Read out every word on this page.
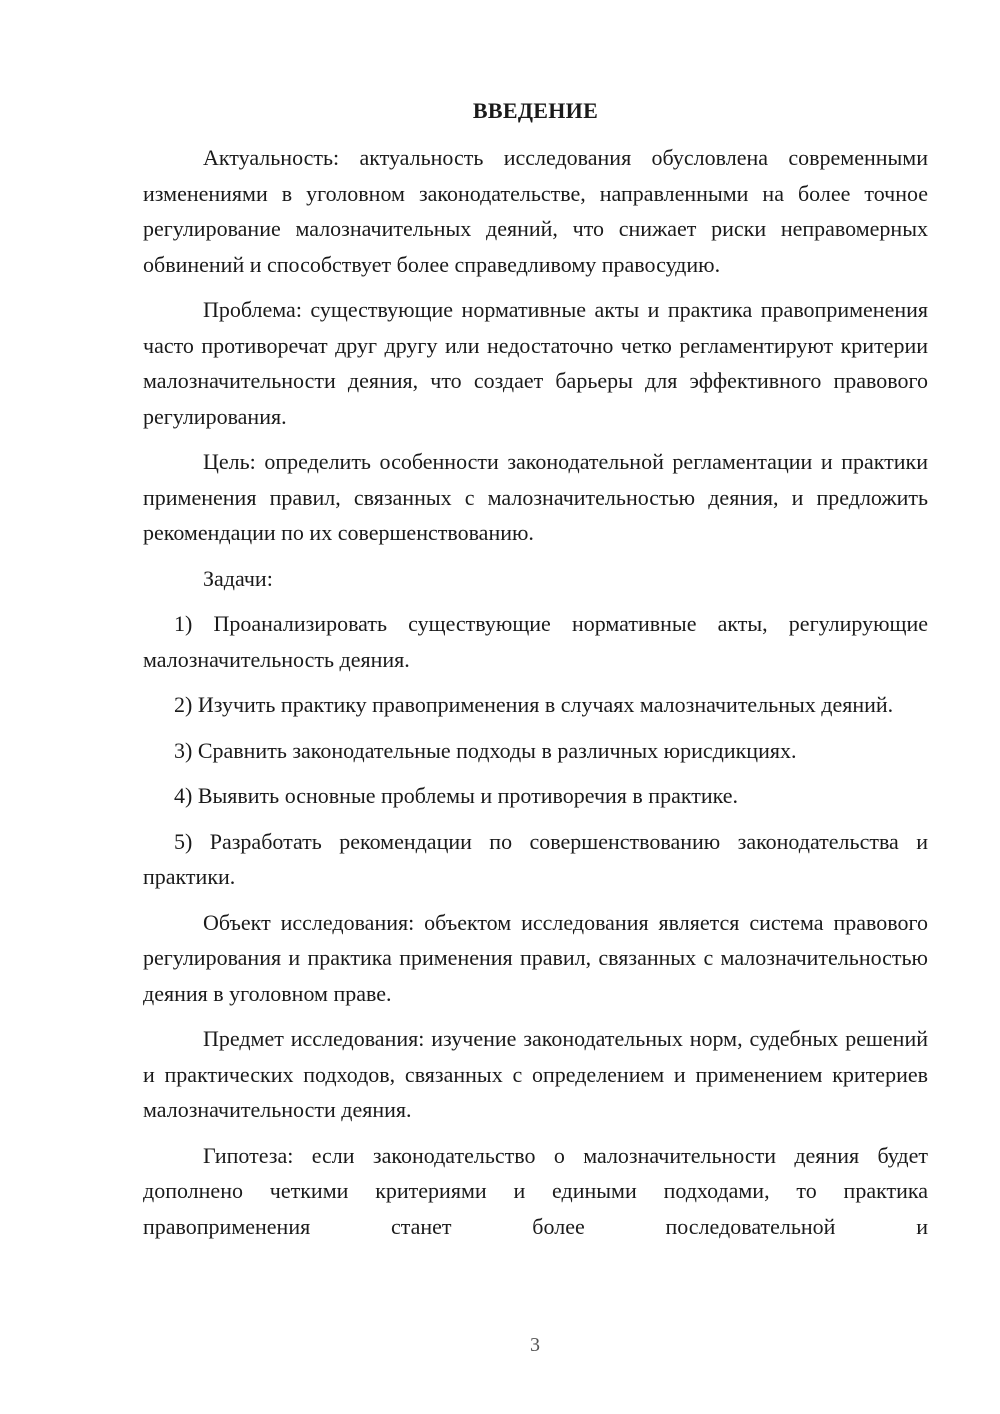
ВВЕДЕНИЕ

Актуальность: актуальность исследования обусловлена современными изменениями в уголовном законодательстве, направленными на более точное регулирование малозначительных деяний, что снижает риски неправомерных обвинений и способствует более справедливому правосудию.

Проблема: существующие нормативные акты и практика правоприменения часто противоречат друг другу или недостаточно четко регламентируют критерии малозначительности деяния, что создает барьеры для эффективного правового регулирования.

Цель: определить особенности законодательной регламентации и практики применения правил, связанных с малозначительностью деяния, и предложить рекомендации по их совершенствованию.

Задачи:

1) Проанализировать существующие нормативные акты, регулирующие малозначительность деяния.

2) Изучить практику правоприменения в случаях малозначительных деяний.

3) Сравнить законодательные подходы в различных юрисдикциях.

4) Выявить основные проблемы и противоречия в практике.

5) Разработать рекомендации по совершенствованию законодательства и практики.

Объект исследования: объектом исследования является система правового регулирования и практика применения правил, связанных с малозначительностью деяния в уголовном праве.

Предмет исследования: изучение законодательных норм, судебных решений и практических подходов, связанных с определением и применением критериев малозначительности деяния.

Гипотеза: если законодательство о малозначительности деяния будет дополнено четкими критериями и едиными подходами, то практика правоприменения станет более последовательной и

3
